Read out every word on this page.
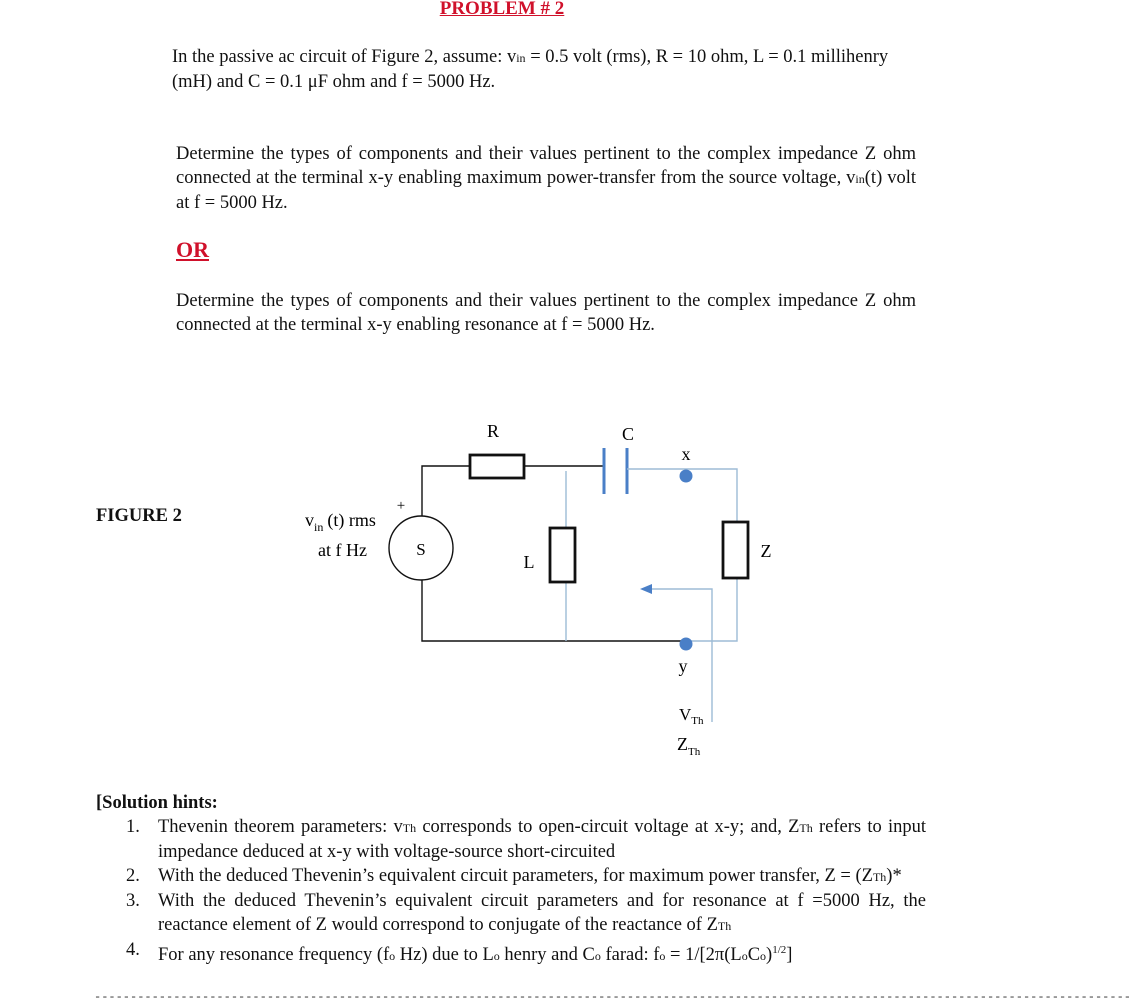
PROBLEM # 2
In the passive ac circuit of Figure 2, assume: vin = 0.5 volt (rms), R = 10 ohm, L = 0.1 millihenry (mH) and C = 0.1 μF ohm and f = 5000 Hz.
Determine the types of components and their values pertinent to the complex impedance Z ohm connected at the terminal x-y enabling maximum power-transfer from the source voltage, vin(t) volt at f = 5000 Hz.
OR
Determine the types of components and their values pertinent to the complex impedance Z ohm connected at the terminal x-y enabling resonance at f = 5000 Hz.
FIGURE 2
S
+
$v_{in}$ (t) rms
at f Hz
R	C
x
L
Z
y
$V_{Th}$
$Z_{Th}$
[Solution hints:
1. Thevenin theorem parameters: vTh corresponds to open-circuit voltage at x-y; and, ZTh refers to input impedance deduced at x-y with voltage-source short-circuited
2. With the deduced Thevenin’s equivalent circuit parameters, for maximum power transfer, Z = (ZTh)*
3. With the deduced Thevenin’s equivalent circuit parameters and for resonance at f =5000 Hz, the reactance element of Z would correspond to conjugate of the reactance of ZTh
4. For any resonance frequency (fo Hz) due to Lo henry and Co farad: fo = 1/[2π(LoCo)$^{1/2}$]
------------------------------------------------------------------------------------------------------------------------------------------------
